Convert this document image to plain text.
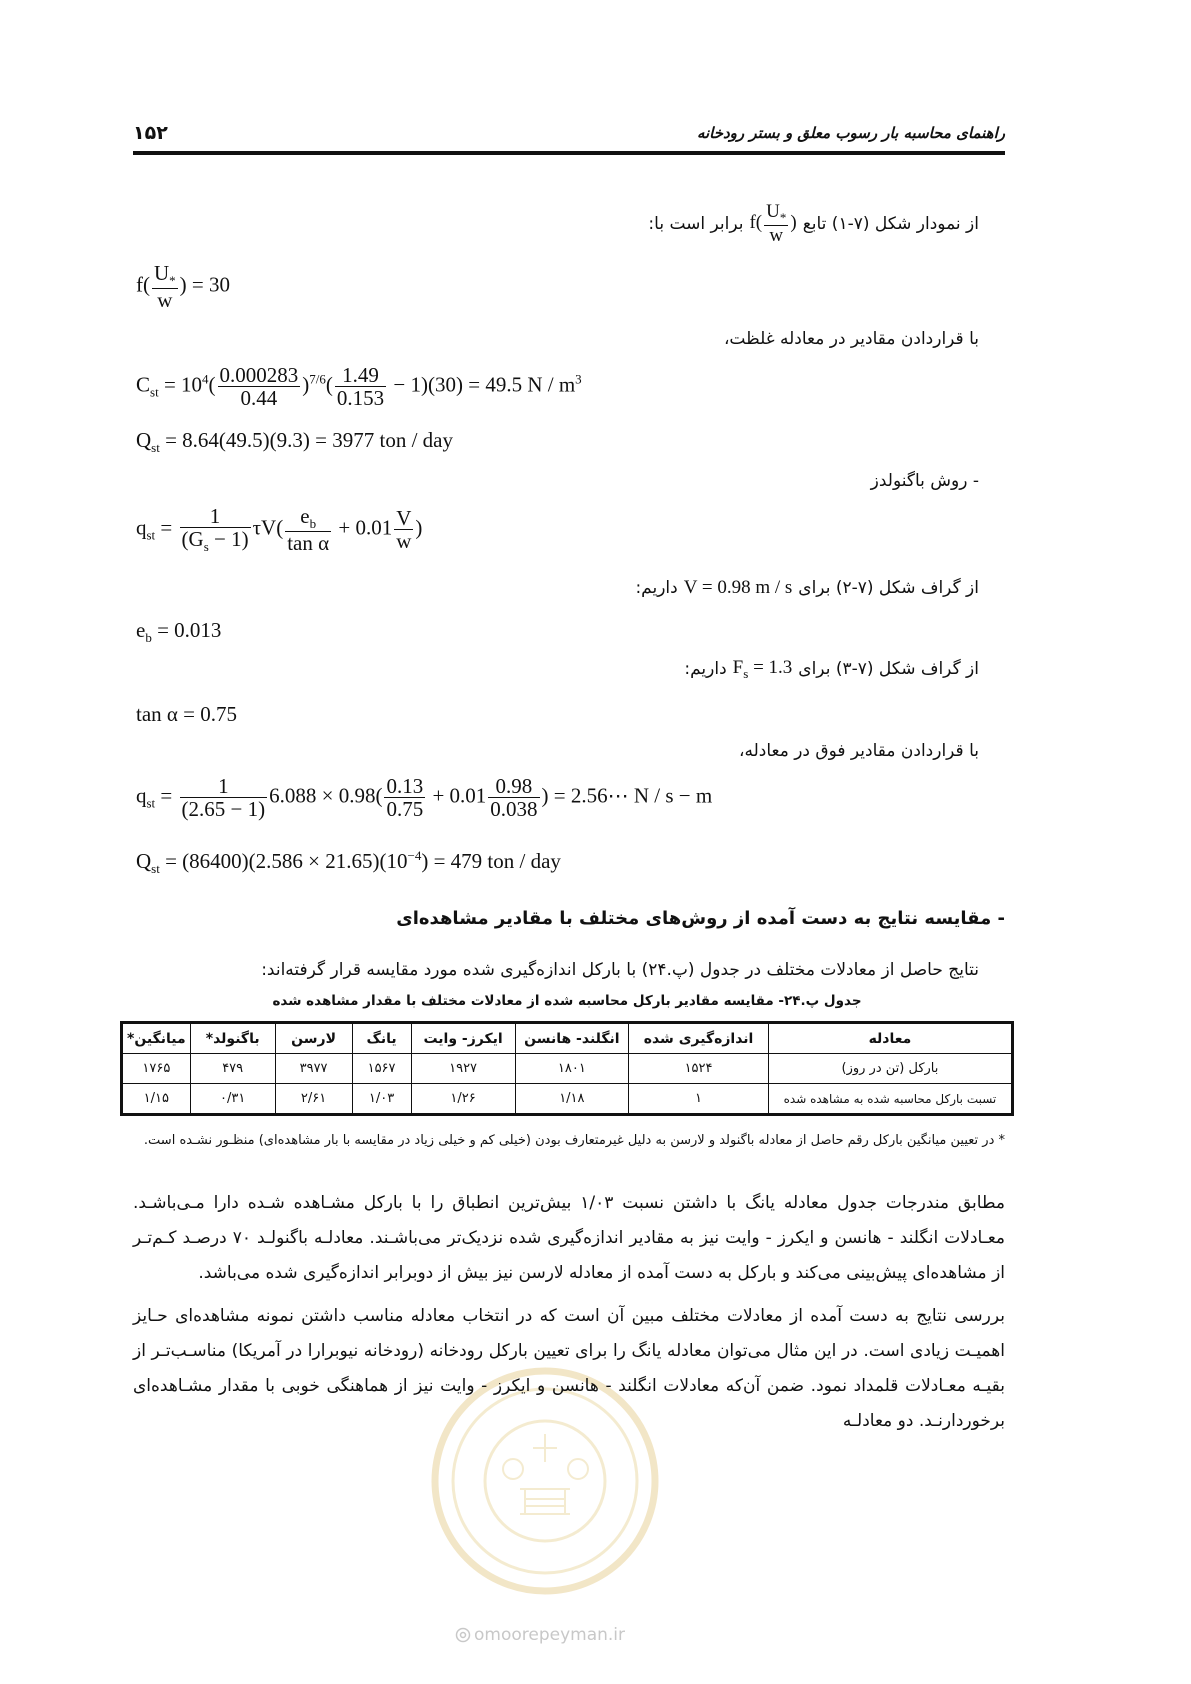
۱۵۲	راهنمای محاسبه بار رسوب معلق و بستر رودخانه
از نمودار شکل (۷-۱) تابع
$f( \frac{U_*}{w}$ )
برابر است با:
$f( \frac{U_*}{w}$ ) = 30
با قراردادن مقادیر در معادله غلظت،
$C_{st} = 10^4( \frac{0.000283}{0.44} )^{7/6}( \frac{1.49}{0.153} - 1)(30) = 49.5$ N / $m^3$
$Q_{st} = 8.64(49.5)(9.3) = 3977$ ton / day
- روش باگنولدز
$q_{st} = \frac{1}{(G_s - 1)} \tau V( \frac{e_b}{\text{tan α}} + 0.01 \frac{V}{w}$ )
از گراف شکل (۷-۲) برای
V = 0.98 m / s
داریم:
$e_b = 0.013$
از گراف شکل (۷-۳) برای
$F_s = 1.3$
داریم:
tan α = 0.75
با قراردادن مقادیر فوق در معادله،
$q_{st} = \frac{1}{(2.65 - 1)} 6.088 \times 0.98( \frac{0.13}{0.75} + 0.01 \frac{0.98}{0.038}$ ) = 2.56⋯ N / s − m
$Q_{st} = (86400)(2.586 \times 21.65)(10^{-4}) = 479$ ton / day
- مقایسه نتایج به دست آمده از روش‌های مختلف با مقادیر مشاهده‌ای
نتایج حاصل از معادلات مختلف در جدول (پ.۲۴) با بارکل اندازه‌گیری شده مورد مقایسه قرار گرفته‌اند:
جدول پ.۲۴- مقایسه مقادیر بارکل محاسبه شده از معادلات مختلف با مقدار مشاهده شده
معادله	اندازه‌گیری شده	انگلند- هانسن	ایکرز- وایت	یانگ	لارسن	باگنولد*	میانگین*
بارکل (تن در روز)	۱۵۲۴	۱۸۰۱	۱۹۲۷	۱۵۶۷	۳۹۷۷	۴۷۹	۱۷۶۵
تسبت بارکل محاسبه شده به مشاهده شده	۱	۱/۱۸	۱/۲۶	۱/۰۳	۲/۶۱	۰/۳۱	۱/۱۵
* در تعیین میانگین بارکل رقم حاصل از معادله باگنولد و لارسن به دلیل غیرمتعارف بودن (خیلی کم و خیلی زیاد در مقایسه با بار مشاهده‌ای) منظـور نشـده است.
مطابق مندرجات جدول معادله یانگ با داشتن نسبت ۱/۰۳ بیش‌ترین انطباق را با بارکل مشـاهده شـده دارا مـی‌باشـد. معـادلات انگلند - هانسن و ایکرز - وایت نیز به مقادیر اندازه‌گیری شده نزدیک‌تر می‌باشـند. معادلـه باگنولـد ۷۰ درصـد کـم‌تـر از مشاهده‌ای پیش‌بینی می‌کند و بارکل به دست آمده از معادله لارسن نیز بیش از دوبرابر اندازه‌گیری شده می‌باشد.
بررسی نتایج به دست آمده از معادلات مختلف مبین آن است که در انتخاب معادله مناسب داشتن نمونه مشاهده‌ای حـایز اهمیـت زیادی است. در این مثال می‌توان معادله یانگ را برای تعیین بارکل رودخانه (رودخانه نیوبرارا در آمریکا) مناسـب‌تـر از بقیـه معـادلات قلمداد نمود. ضمن آن‌که معادلات انگلند - هانسن و ایکرز - وایت نیز از هماهنگی خوبی با مقدار مشـاهده‌ای برخوردارنـد. دو معادلـه
omoorepeyman.ir
